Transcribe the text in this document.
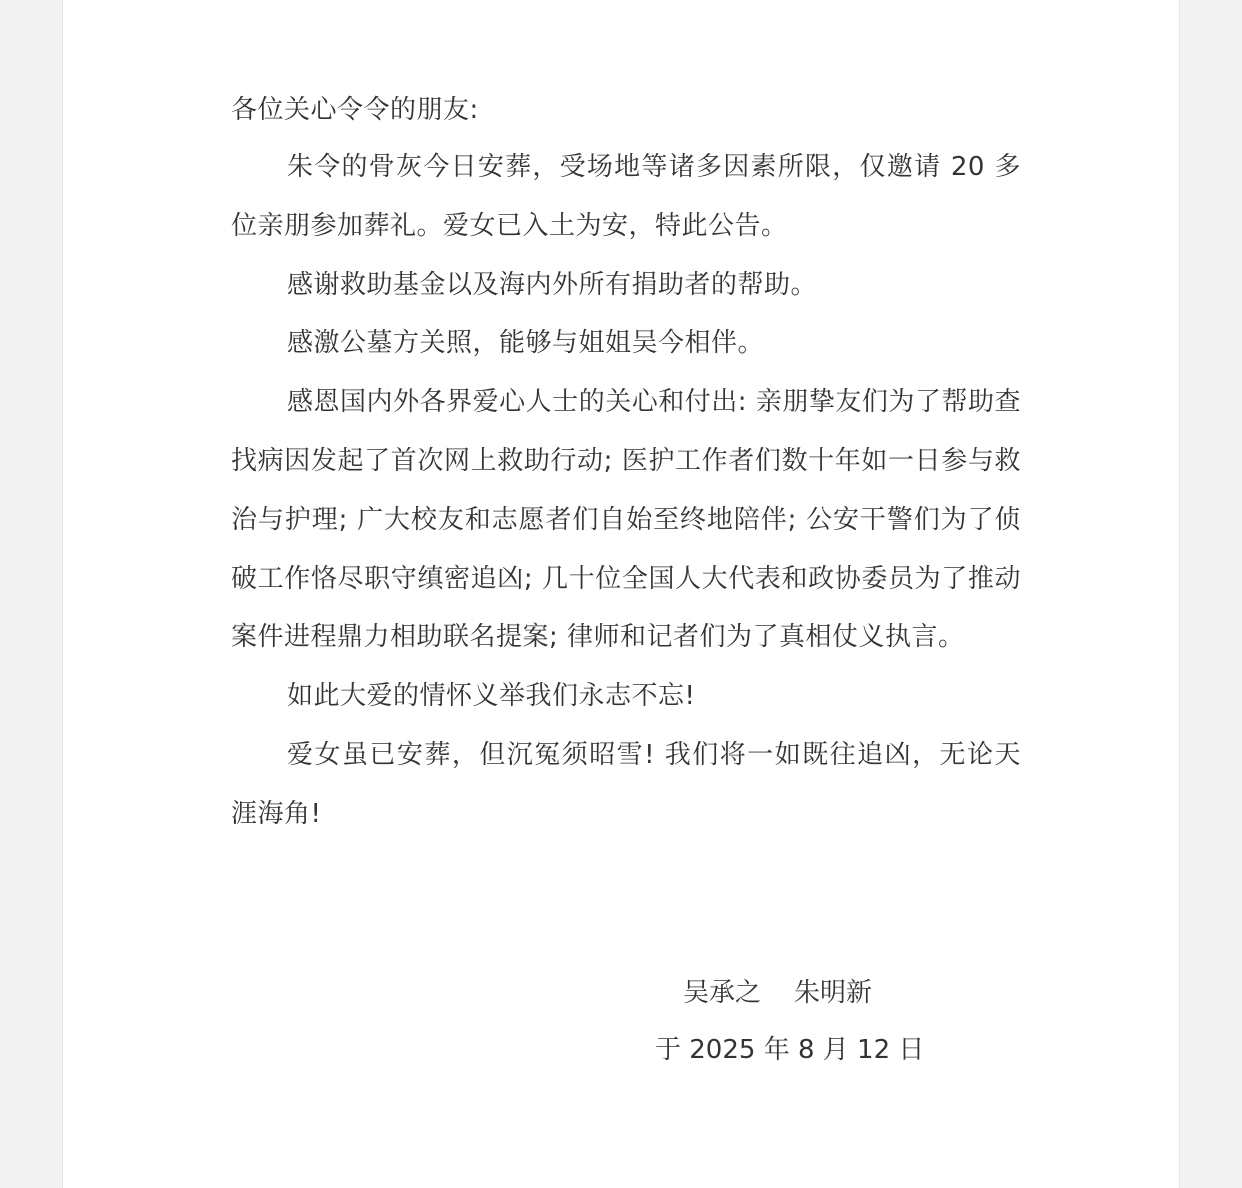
各位关心令令的朋友:

朱令的骨灰今日安葬，受场地等诸多因素所限，仅邀请 20 多位亲朋参加葬礼。爱女已入土为安，特此公告。

感谢救助基金以及海内外所有捐助者的帮助。

感激公墓方关照，能够与姐姐吴今相伴。

感恩国内外各界爱心人士的关心和付出: 亲朋挚友们为了帮助查找病因发起了首次网上救助行动; 医护工作者们数十年如一日参与救治与护理; 广大校友和志愿者们自始至终地陪伴; 公安干警们为了侦破工作恪尽职守缜密追凶; 几十位全国人大代表和政协委员为了推动案件进程鼎力相助联名提案; 律师和记者们为了真相仗义执言。

如此大爱的情怀义举我们永志不忘!

爱女虽已安葬，但沉冤须昭雪! 我们将一如既往追凶，无论天涯海角!

吴承之    朱明新
于 2025 年 8 月 12 日
